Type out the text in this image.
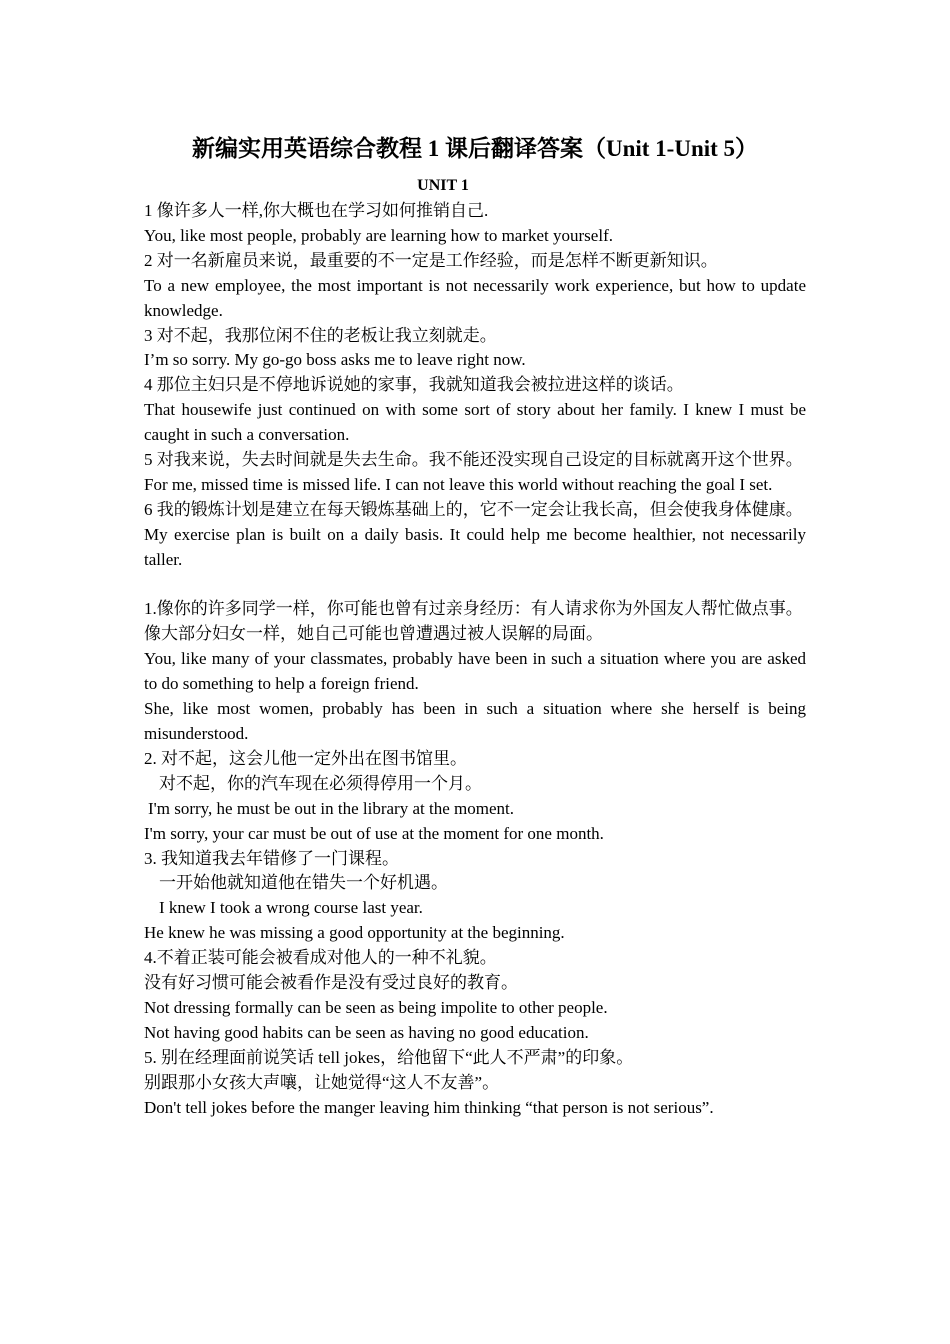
新编实用英语综合教程 1 课后翻译答案（Unit 1-Unit 5）
UNIT 1

1 像许多人一样,你大概也在学习如何推销自己.

You, like most people, probably are learning how to market yourself.

2 对一名新雇员来说，最重要的不一定是工作经验，而是怎样不断更新知识。

To a new employee, the most important is not necessarily work experience, but how to update knowledge.

3 对不起，我那位闲不住的老板让我立刻就走。

I’m so sorry. My go-go boss asks me to leave right now.

4 那位主妇只是不停地诉说她的家事，我就知道我会被拉进这样的谈话。

That housewife just continued on with some sort of story about her family. I knew I must be caught in such a conversation.

5 对我来说，失去时间就是失去生命。我不能还没实现自己设定的目标就离开这个世界。

For me, missed time is missed life. I can not leave this world without reaching the goal I set.

6 我的锻炼计划是建立在每天锻炼基础上的，它不一定会让我长高，但会使我身体健康。

My exercise plan is built on a daily basis. It could help me become healthier, not necessarily taller.

1.像你的许多同学一样，你可能也曾有过亲身经历：有人请求你为外国友人帮忙做点事。

像大部分妇女一样，她自己可能也曾遭遇过被人误解的局面。

You, like many of your classmates, probably have been in such a situation where you are asked to do something to help a foreign friend.

She, like most women, probably has been in such a situation where she herself is being misunderstood.

2. 对不起，这会儿他一定外出在图书馆里。

对不起，你的汽车现在必须得停用一个月。

I'm sorry, he must be out in the library at the moment.

I'm sorry, your car must be out of use at the moment for one month.

3. 我知道我去年错修了一门课程。

一开始他就知道他在错失一个好机遇。

I knew I took a wrong course last year.

He knew he was missing a good opportunity at the beginning.

4.不着正装可能会被看成对他人的一种不礼貌。

没有好习惯可能会被看作是没有受过良好的教育。

Not dressing formally can be seen as being impolite to other people.

Not having good habits can be seen as having no good education.

5. 别在经理面前说笑话 tell jokes，给他留下“此人不严肃”的印象。

别跟那小女孩大声嚷，让她觉得“这人不友善”。

Don't tell jokes before the manger leaving him thinking “that person is not serious”.
